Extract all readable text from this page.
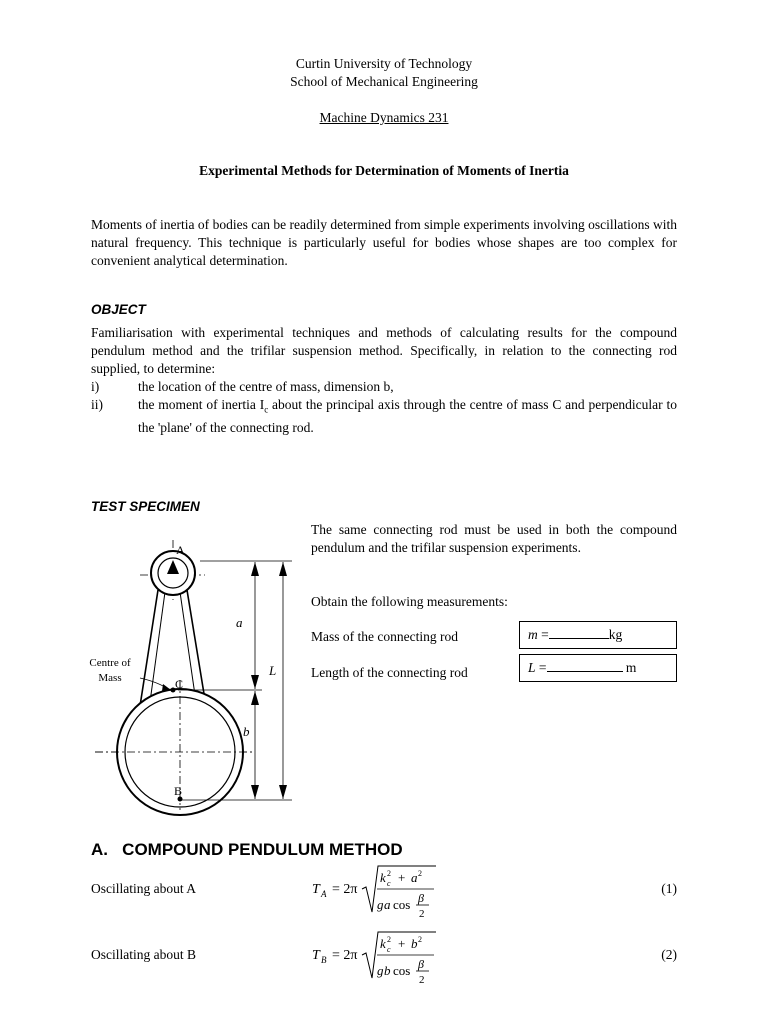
Curtin University of Technology
School of Mechanical Engineering
Machine Dynamics 231
Experimental Methods for Determination of Moments of Inertia
Moments of inertia of bodies can be readily determined from simple experiments involving oscillations with natural frequency. This technique is particularly useful for bodies whose shapes are too complex for convenient analytical determination.
OBJECT
Familiarisation with experimental techniques and methods of calculating results for the compound pendulum method and the trifilar suspension method. Specifically, in relation to the connecting rod supplied, to determine:
i)	the location of the centre of mass, dimension b,
ii)	the moment of inertia $I_c$ about the principal axis through the centre of mass C and perpendicular to the 'plane' of the connecting rod.
TEST SPECIMEN
The same connecting rod must be used in both the compound pendulum and the trifilar suspension experiments.
Obtain the following measurements:
Mass of the connecting rod	m =	kg
Length of the connecting rod	L =	m
A
C
B
a
b
L
Centre of
Mass
T A = 2π
k c
2 + a 2
g a cos β
2
T B = 2π
k c
2 + b 2
g b cos β
2
A.   COMPOUND PENDULUM METHOD
Oscillating about A	(1)
Oscillating about B	(2)
